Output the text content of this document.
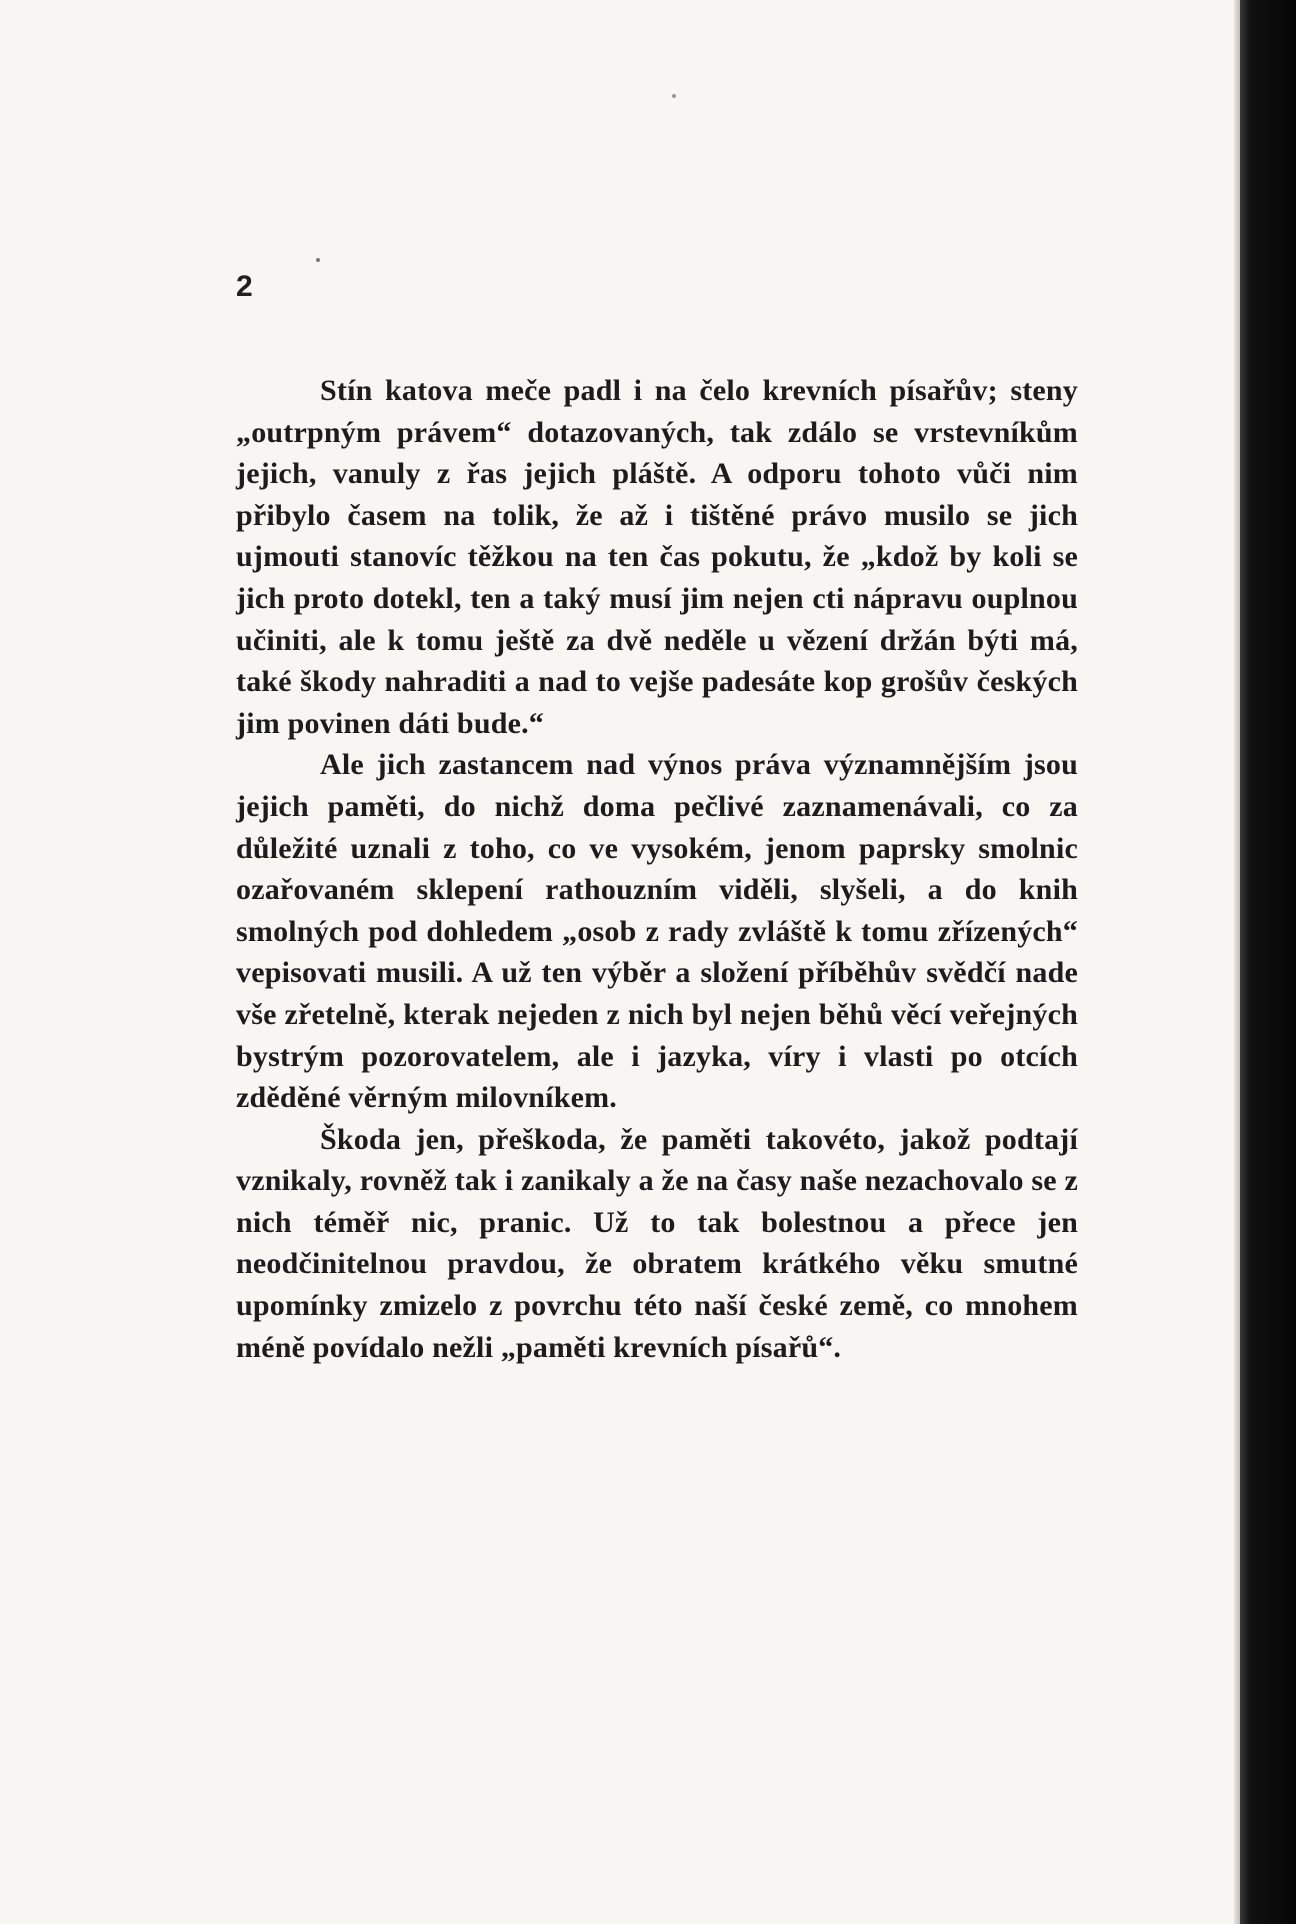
2

Stín katova meče padl i na čelo krevních písařův; steny „outrpným právem“ dotazovaných, tak zdálo se vrstevníkům jejich, vanuly z řas jejich pláště. A odporu tohoto vůči nim přibylo časem na tolik, že až i tištěné právo musilo se jich ujmouti stanovíc těžkou na ten čas pokutu, že „kdož by koli se jich proto dotekl, ten a taký musí jim nejen cti nápravu ouplnou učiniti, ale k tomu ještě za dvě neděle u vězení držán býti má, také škody nahraditi a nad to vejše padesáte kop grošův českých jim povinen dáti bude.“

Ale jich zastancem nad výnos práva významnějším jsou jejich paměti, do nichž doma pečlivé zaznamenávali, co za důležité uznali z toho, co ve vysokém, jenom paprsky smolnic ozařovaném sklepení rathouzním viděli, slyšeli, a do knih smolných pod dohledem „osob z rady zvláště k tomu zřízených“ vepisovati musili. A už ten výběr a složení příběhův svědčí nade vše zřetelně, kterak nejeden z nich byl nejen běhů věcí veřejných bystrým pozorovatelem, ale i jazyka, víry i vlasti po otcích zděděné věrným milovníkem.

Škoda jen, přeškoda, že paměti takovéto, jakož podtají vznikaly, rovněž tak i zanikaly a že na časy naše nezachovalo se z nich téměř nic, pranic. Už to tak bolestnou a přece jen neodčinitelnou pravdou, že obratem krátkého věku smutné upomínky zmizelo z povrchu této naší české země, co mnohem méně povídalo nežli „paměti krevních písařů“.
